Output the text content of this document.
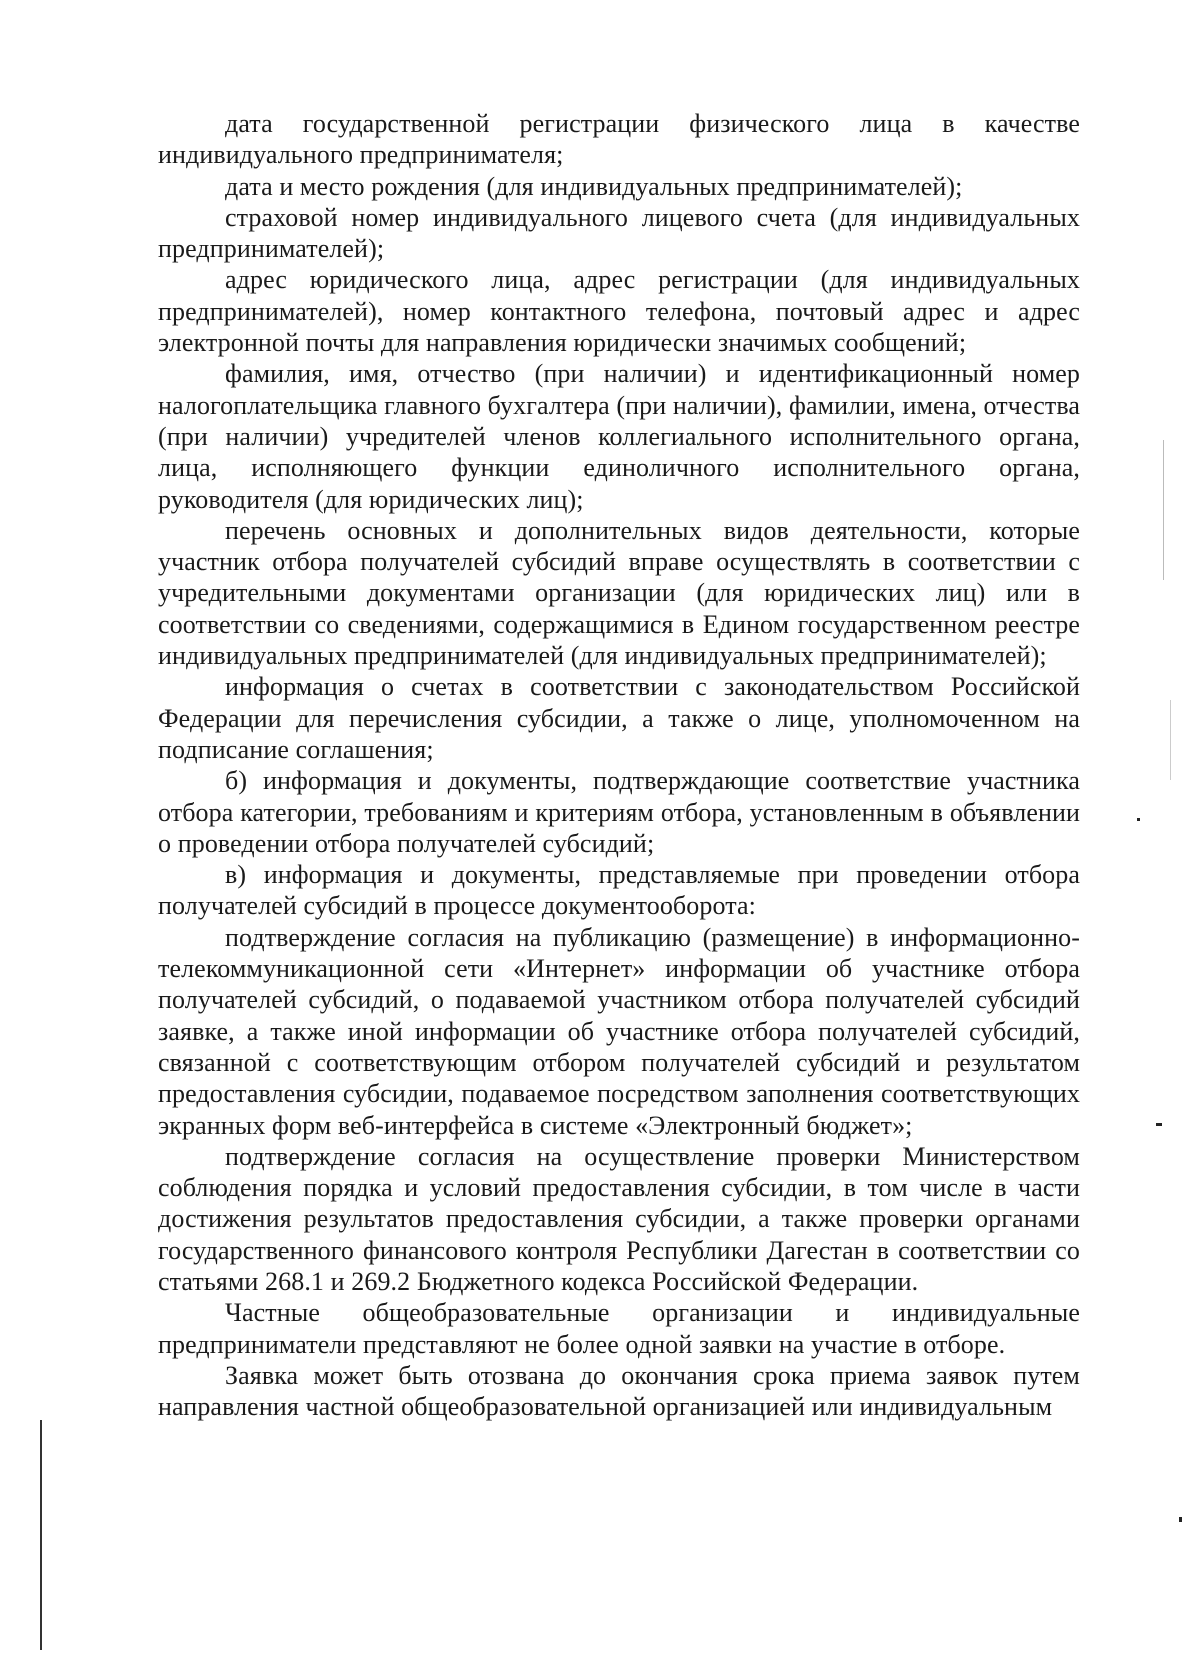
дата государственной регистрации физического лица в качестве индивидуального предпринимателя;

дата и место рождения (для индивидуальных предпринимателей);

страховой номер индивидуального лицевого счета (для индивидуальных предпринимателей);

адрес юридического лица, адрес регистрации (для индивидуальных предпринимателей), номер контактного телефона, почтовый адрес и адрес электронной почты для направления юридически значимых сообщений;

фамилия, имя, отчество (при наличии) и идентификационный номер налогоплательщика главного бухгалтера (при наличии), фамилии, имена, отчества (при наличии) учредителей членов коллегиального исполнительного органа, лица, исполняющего функции единоличного исполнительного органа, руководителя (для юридических лиц);

перечень основных и дополнительных видов деятельности, которые участник отбора получателей субсидий вправе осуществлять в соответствии с учредительными документами организации (для юридических лиц) или в соответствии со сведениями, содержащимися в Едином государственном реестре индивидуальных предпринимателей (для индивидуальных предпринимателей);

информация о счетах в соответствии с законодательством Российской Федерации для перечисления субсидии, а также о лице, уполномоченном на подписание соглашения;

б) информация и документы, подтверждающие соответствие участника отбора категории, требованиям и критериям отбора, установленным в объявлении о проведении отбора получателей субсидий;

в) информация и документы, представляемые при проведении отбора получателей субсидий в процессе документооборота:

подтверждение согласия на публикацию (размещение) в информационно-телекоммуникационной сети «Интернет» информации об участнике отбора получателей субсидий, о подаваемой участником отбора получателей субсидий заявке, а также иной информации об участнике отбора получателей субсидий, связанной с соответствующим отбором получателей субсидий и результатом предоставления субсидии, подаваемое посредством заполнения соответствующих экранных форм веб-интерфейса в системе «Электронный бюджет»;

подтверждение согласия на осуществление проверки Министерством соблюдения порядка и условий предоставления субсидии, в том числе в части достижения результатов предоставления субсидии, а также проверки органами государственного финансового контроля Республики Дагестан в соответствии со статьями 268.1 и 269.2 Бюджетного кодекса Российской Федерации.

Частные общеобразовательные организации и индивидуальные предприниматели представляют не более одной заявки на участие в отборе.

Заявка может быть отозвана до окончания срока приема заявок путем направления частной общеобразовательной организацией или индивидуальным
